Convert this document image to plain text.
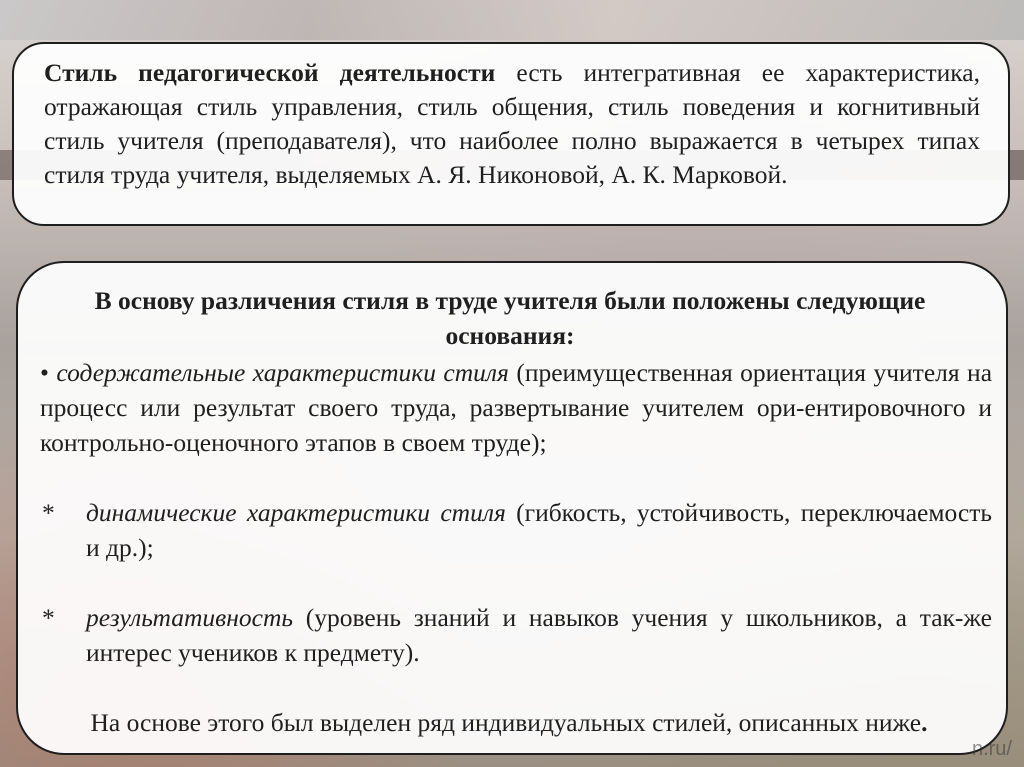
Стиль педагогической деятельности есть интегративная ее характеристика, отражающая стиль управления, стиль общения, стиль поведения и когнитивный стиль учителя (преподавателя), что наиболее полно выражается в четырех типах стиля труда учителя, выделяемых А. Я. Никоновой, А. К. Марковой.
В основу различения стиля в труде учителя были положены следующие основания:
• содержательные характеристики стиля (преимущественная ориентация учителя на процесс или результат своего труда, развертывание учителем ори-ентировочного и контрольно-оценочного этапов в своем труде);
*	динамические характеристики стиля (гибкость, устойчивость, переключаемость и др.);
*	результативность (уровень знаний и навыков учения у школьников, а так-же интерес учеников к предмету).
На основе этого был выделен ряд индивидуальных стилей, описанных ниже.
n.ru/
